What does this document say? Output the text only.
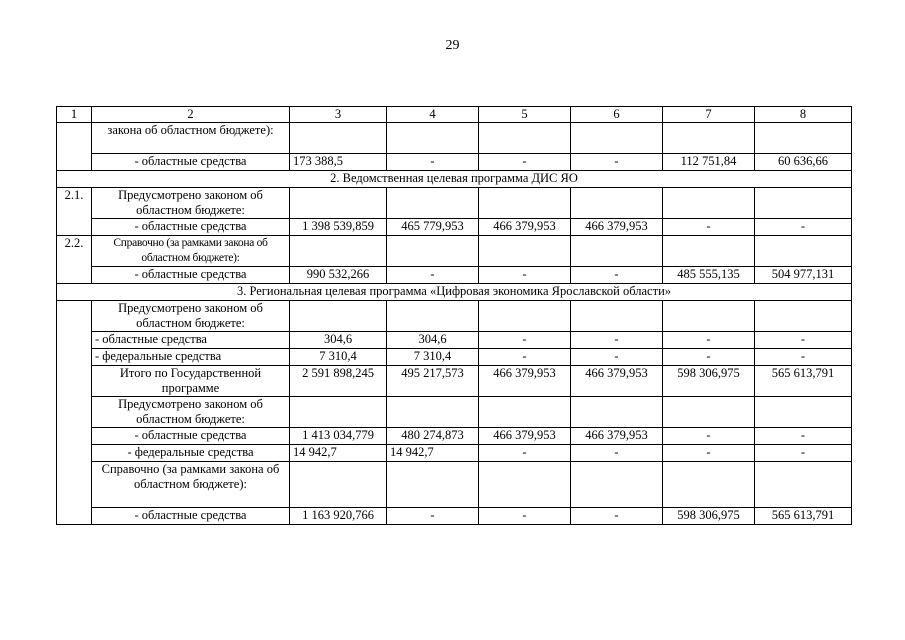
29
1	2	3	4	5	6	7	8
	закона об областном бюджете):						
	- областные средства	173 388,5	-	-	-	112 751,84	60 636,66
2. Ведомственная целевая программа ДИС ЯО							
2.1.	Предусмотрено законом об областном бюджете:						
	- областные средства	1 398 539,859	465 779,953	466 379,953	466 379,953	-	-
2.2.	Справочно (за рамками закона об областном бюджете):						
	- областные средства	990 532,266	-	-	-	485 555,135	504 977,131
3. Региональная целевая программа «Цифровая экономика Ярославской области»							
	Предусмотрено законом об областном бюджете:						
	- областные средства	304,6	304,6	-	-	-	-
	- федеральные средства	7 310,4	7 310,4	-	-	-	-
	Итого по Государственной программе	2 591 898,245	495 217,573	466 379,953	466 379,953	598 306,975	565 613,791
	Предусмотрено законом об областном бюджете:						
	- областные средства	1 413 034,779	480 274,873	466 379,953	466 379,953	-	-
	- федеральные средства	14 942,7	14 942,7	-	-	-	-
	Справочно (за рамками закона об областном бюджете):						
	- областные средства	1 163 920,766	-	-	-	598 306,975	565 613,791
